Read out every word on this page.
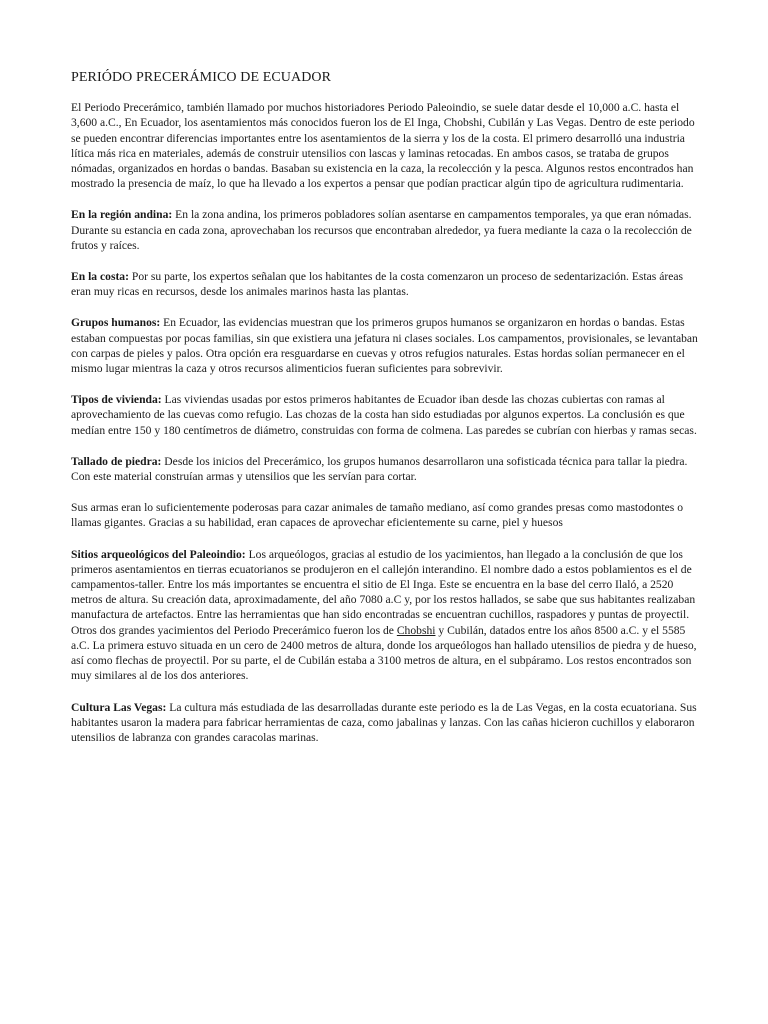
PERIÓDO PRECERÁMICO DE ECUADOR

El Periodo Precerámico, también llamado por muchos historiadores Periodo Paleoindio, se suele datar desde el 10,000 a.C. hasta el 3,600 a.C., En Ecuador, los asentamientos más conocidos fueron los de El Inga, Chobshi, Cubilán y Las Vegas. Dentro de este periodo se pueden encontrar diferencias importantes entre los asentamientos de la sierra y los de la costa. El primero desarrolló una industria lítica más rica en materiales, además de construir utensilios con lascas y laminas retocadas. En ambos casos, se trataba de grupos nómadas, organizados en hordas o bandas. Basaban su existencia en la caza, la recolección y la pesca. Algunos restos encontrados han mostrado la presencia de maíz, lo que ha llevado a los expertos a pensar que podían practicar algún tipo de agricultura rudimentaria.

En la región andina: En la zona andina, los primeros pobladores solían asentarse en campamentos temporales, ya que eran nómadas. Durante su estancia en cada zona, aprovechaban los recursos que encontraban alrededor, ya fuera mediante la caza o la recolección de frutos y raíces.

En la costa: Por su parte, los expertos señalan que los habitantes de la costa comenzaron un proceso de sedentarización. Estas áreas eran muy ricas en recursos, desde los animales marinos hasta las plantas.

Grupos humanos: En Ecuador, las evidencias muestran que los primeros grupos humanos se organizaron en hordas o bandas. Estas estaban compuestas por pocas familias, sin que existiera una jefatura ni clases sociales. Los campamentos, provisionales, se levantaban con carpas de pieles y palos. Otra opción era resguardarse en cuevas y otros refugios naturales. Estas hordas solían permanecer en el mismo lugar mientras la caza y otros recursos alimenticios fueran suficientes para sobrevivir.

Tipos de vivienda: Las viviendas usadas por estos primeros habitantes de Ecuador iban desde las chozas cubiertas con ramas al aprovechamiento de las cuevas como refugio. Las chozas de la costa han sido estudiadas por algunos expertos. La conclusión es que medían entre 150 y 180 centímetros de diámetro, construidas con forma de colmena. Las paredes se cubrían con hierbas y ramas secas.

Tallado de piedra: Desde los inicios del Precerámico, los grupos humanos desarrollaron una sofisticada técnica para tallar la piedra. Con este material construían armas y utensilios que les servían para cortar.

Sus armas eran lo suficientemente poderosas para cazar animales de tamaño mediano, así como grandes presas como mastodontes o llamas gigantes. Gracias a su habilidad, eran capaces de aprovechar eficientemente su carne, piel y huesos

Sitios arqueológicos del Paleoindio: Los arqueólogos, gracias al estudio de los yacimientos, han llegado a la conclusión de que los primeros asentamientos en tierras ecuatorianos se produjeron en el callejón interandino. El nombre dado a estos poblamientos es el de campamentos-taller. Entre los más importantes se encuentra el sitio de El Inga. Este se encuentra en la base del cerro Ilaló, a 2520 metros de altura. Su creación data, aproximadamente, del año 7080 a.C y, por los restos hallados, se sabe que sus habitantes realizaban manufactura de artefactos. Entre las herramientas que han sido encontradas se encuentran cuchillos, raspadores y puntas de proyectil. Otros dos grandes yacimientos del Periodo Precerámico fueron los de Chobshi y Cubilán, datados entre los años 8500 a.C. y el 5585 a.C. La primera estuvo situada en un cero de 2400 metros de altura, donde los arqueólogos han hallado utensilios de piedra y de hueso, así como flechas de proyectil. Por su parte, el de Cubilán estaba a 3100 metros de altura, en el subpáramo. Los restos encontrados son muy similares al de los dos anteriores.

Cultura Las Vegas: La cultura más estudiada de las desarrolladas durante este periodo es la de Las Vegas, en la costa ecuatoriana. Sus habitantes usaron la madera para fabricar herramientas de caza, como jabalinas y lanzas. Con las cañas hicieron cuchillos y elaboraron utensilios de labranza con grandes caracolas marinas.
